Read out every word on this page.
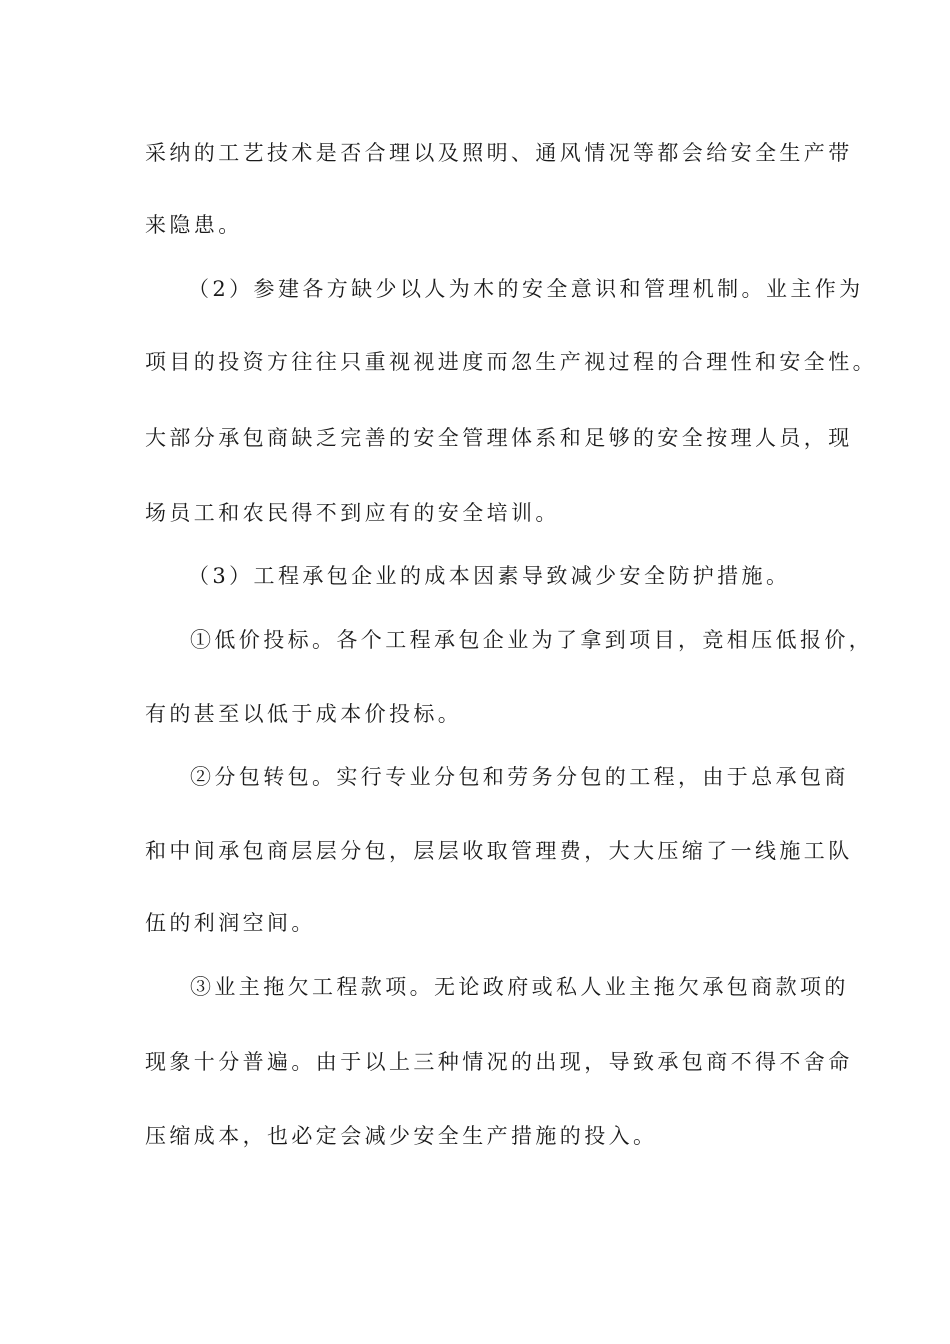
采纳的工艺技术是否合理以及照明、通风情况等都会给安全生产带
来隐患。
（2）参建各方缺少以人为木的安全意识和管理机制。业主作为
项目的投资方往往只重视视进度而忽生产视过程的合理性和安全性。
大部分承包商缺乏完善的安全管理体系和足够的安全按理人员，现
场员工和农民得不到应有的安全培训。
（3）工程承包企业的成本因素导致减少安全防护措施。
①低价投标。各个工程承包企业为了拿到项目，竞相压低报价，
有的甚至以低于成本价投标。
②分包转包。实行专业分包和劳务分包的工程，由于总承包商
和中间承包商层层分包，层层收取管理费，大大压缩了一线施工队
伍的利润空间。
③业主拖欠工程款项。无论政府或私人业主拖欠承包商款项的
现象十分普遍。由于以上三种情况的出现，导致承包商不得不舍命
压缩成本，也必定会减少安全生产措施的投入。
